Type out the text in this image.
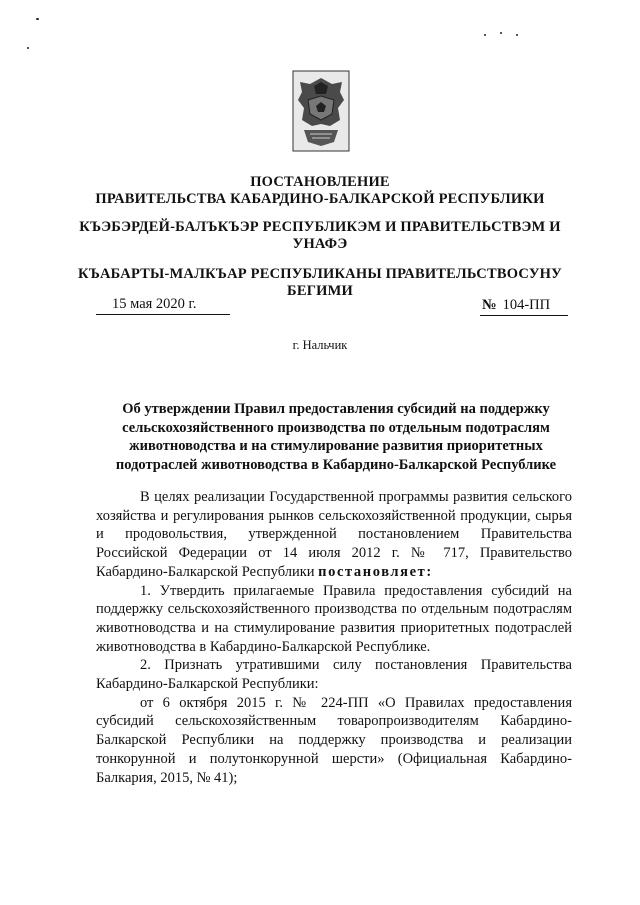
ПОСТАНОВЛЕНИЕ
ПРАВИТЕЛЬСТВА КАБАРДИНО-БАЛКАРСКОЙ РЕСПУБЛИКИ
КЪЭБЭРДЕЙ-БАЛЪКЪЭР РЕСПУБЛИКЭМ И ПРАВИТЕЛЬСТВЭМ И УНАФЭ
КЪАБАРТЫ-МАЛКЪАР РЕСПУБЛИКАНЫ ПРАВИТЕЛЬСТВОСУНУ БЕГИМИ
15 мая 2020 г.	№ 104-ПП
г. Нальчик
Об утверждении Правил предоставления субсидий на поддержку сельскохозяйственного производства по отдельным подотраслям животноводства и на стимулирование развития приоритетных подотраслей животноводства в Кабардино-Балкарской Республике

В целях реализации Государственной программы развития сельского хозяйства и регулирования рынков сельскохозяйственной продукции, сырья и продовольствия, утвержденной постановлением Правительства Российской Федерации от 14 июля 2012 г. № 717, Правительство Кабардино-Балкарской Республики постановляет:

1. Утвердить прилагаемые Правила предоставления субсидий на поддержку сельскохозяйственного производства по отдельным подотраслям животноводства и на стимулирование развития приоритетных подотраслей животноводства в Кабардино-Балкарской Республике.

2. Признать утратившими силу постановления Правительства Кабардино-Балкарской Республики:

от 6 октября 2015 г. № 224-ПП «О Правилах предоставления субсидий сельскохозяйственным товаропроизводителям Кабардино-Балкарской Республики на поддержку производства и реализации тонкорунной и полутонкорунной шерсти» (Официальная Кабардино-Балкария, 2015, № 41);
